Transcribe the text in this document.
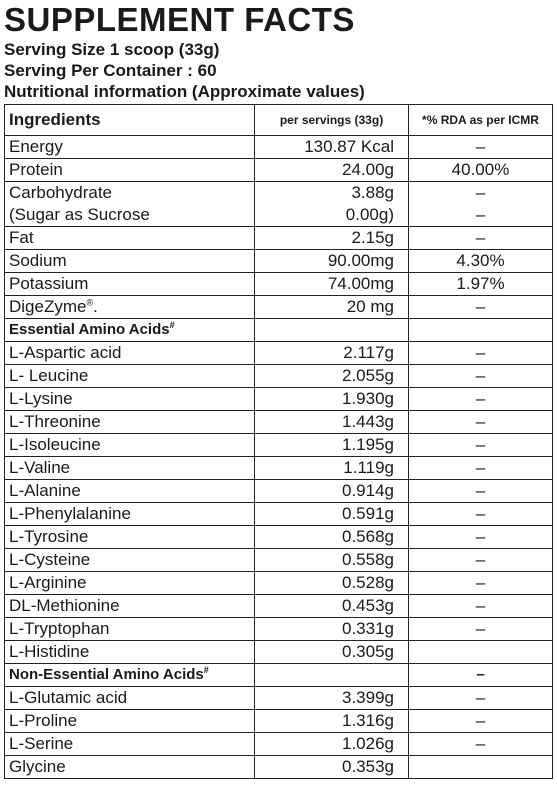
SUPPLEMENT FACTS
Serving Size 1 scoop (33g)
Serving Per Container : 60
Nutritional information (Approximate values)
Ingredients	per servings (33g)	*% RDA as per ICMR
Energy	130.87 Kcal	–
Protein	24.00g	40.00%
Carbohydrate	3.88g	–
(Sugar as Sucrose	0.00g)	–
Fat	2.15g	–
Sodium	90.00mg	4.30%
Potassium	74.00mg	1.97%
DigeZyme®.	20 mg	–
Essential Amino Acids#		
L-Aspartic acid	2.117g	–
L- Leucine	2.055g	–
L-Lysine	1.930g	–
L-Threonine	1.443g	–
L-Isoleucine	1.195g	–
L-Valine	1.119g	–
L-Alanine	0.914g	–
L-Phenylalanine	0.591g	–
L-Tyrosine	0.568g	–
L-Cysteine	0.558g	–
L-Arginine	0.528g	–
DL-Methionine	0.453g	–
L-Tryptophan	0.331g	–
L-Histidine	0.305g	
Non-Essential Amino Acids#		–
L-Glutamic acid	3.399g	–
L-Proline	1.316g	–
L-Serine	1.026g	–
Glycine	0.353g	
